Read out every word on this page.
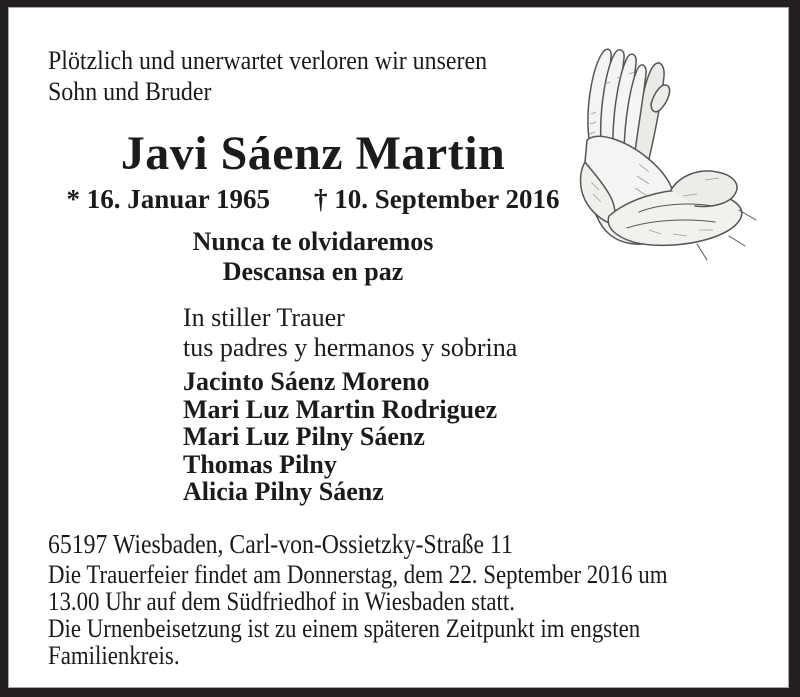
Plötzlich und unerwartet verloren wir unseren
Sohn und Bruder
Javi Sáenz Martin
* 16. Januar 1965 † 10. September 2016
Nunca te olvidaremos
Descansa en paz
In stiller Trauer
tus padres y hermanos y sobrina
Jacinto Sáenz Moreno
Mari Luz Martin Rodriguez
Mari Luz Pilny Sáenz
Thomas Pilny
Alicia Pilny Sáenz
65197 Wiesbaden, Carl-von-Ossietzky-Straße 11
Die Trauerfeier findet am Donnerstag, dem 22. September 2016 um
13.00 Uhr auf dem Südfriedhof in Wiesbaden statt.
Die Urnenbeisetzung ist zu einem späteren Zeitpunkt im engsten
Familienkreis.
